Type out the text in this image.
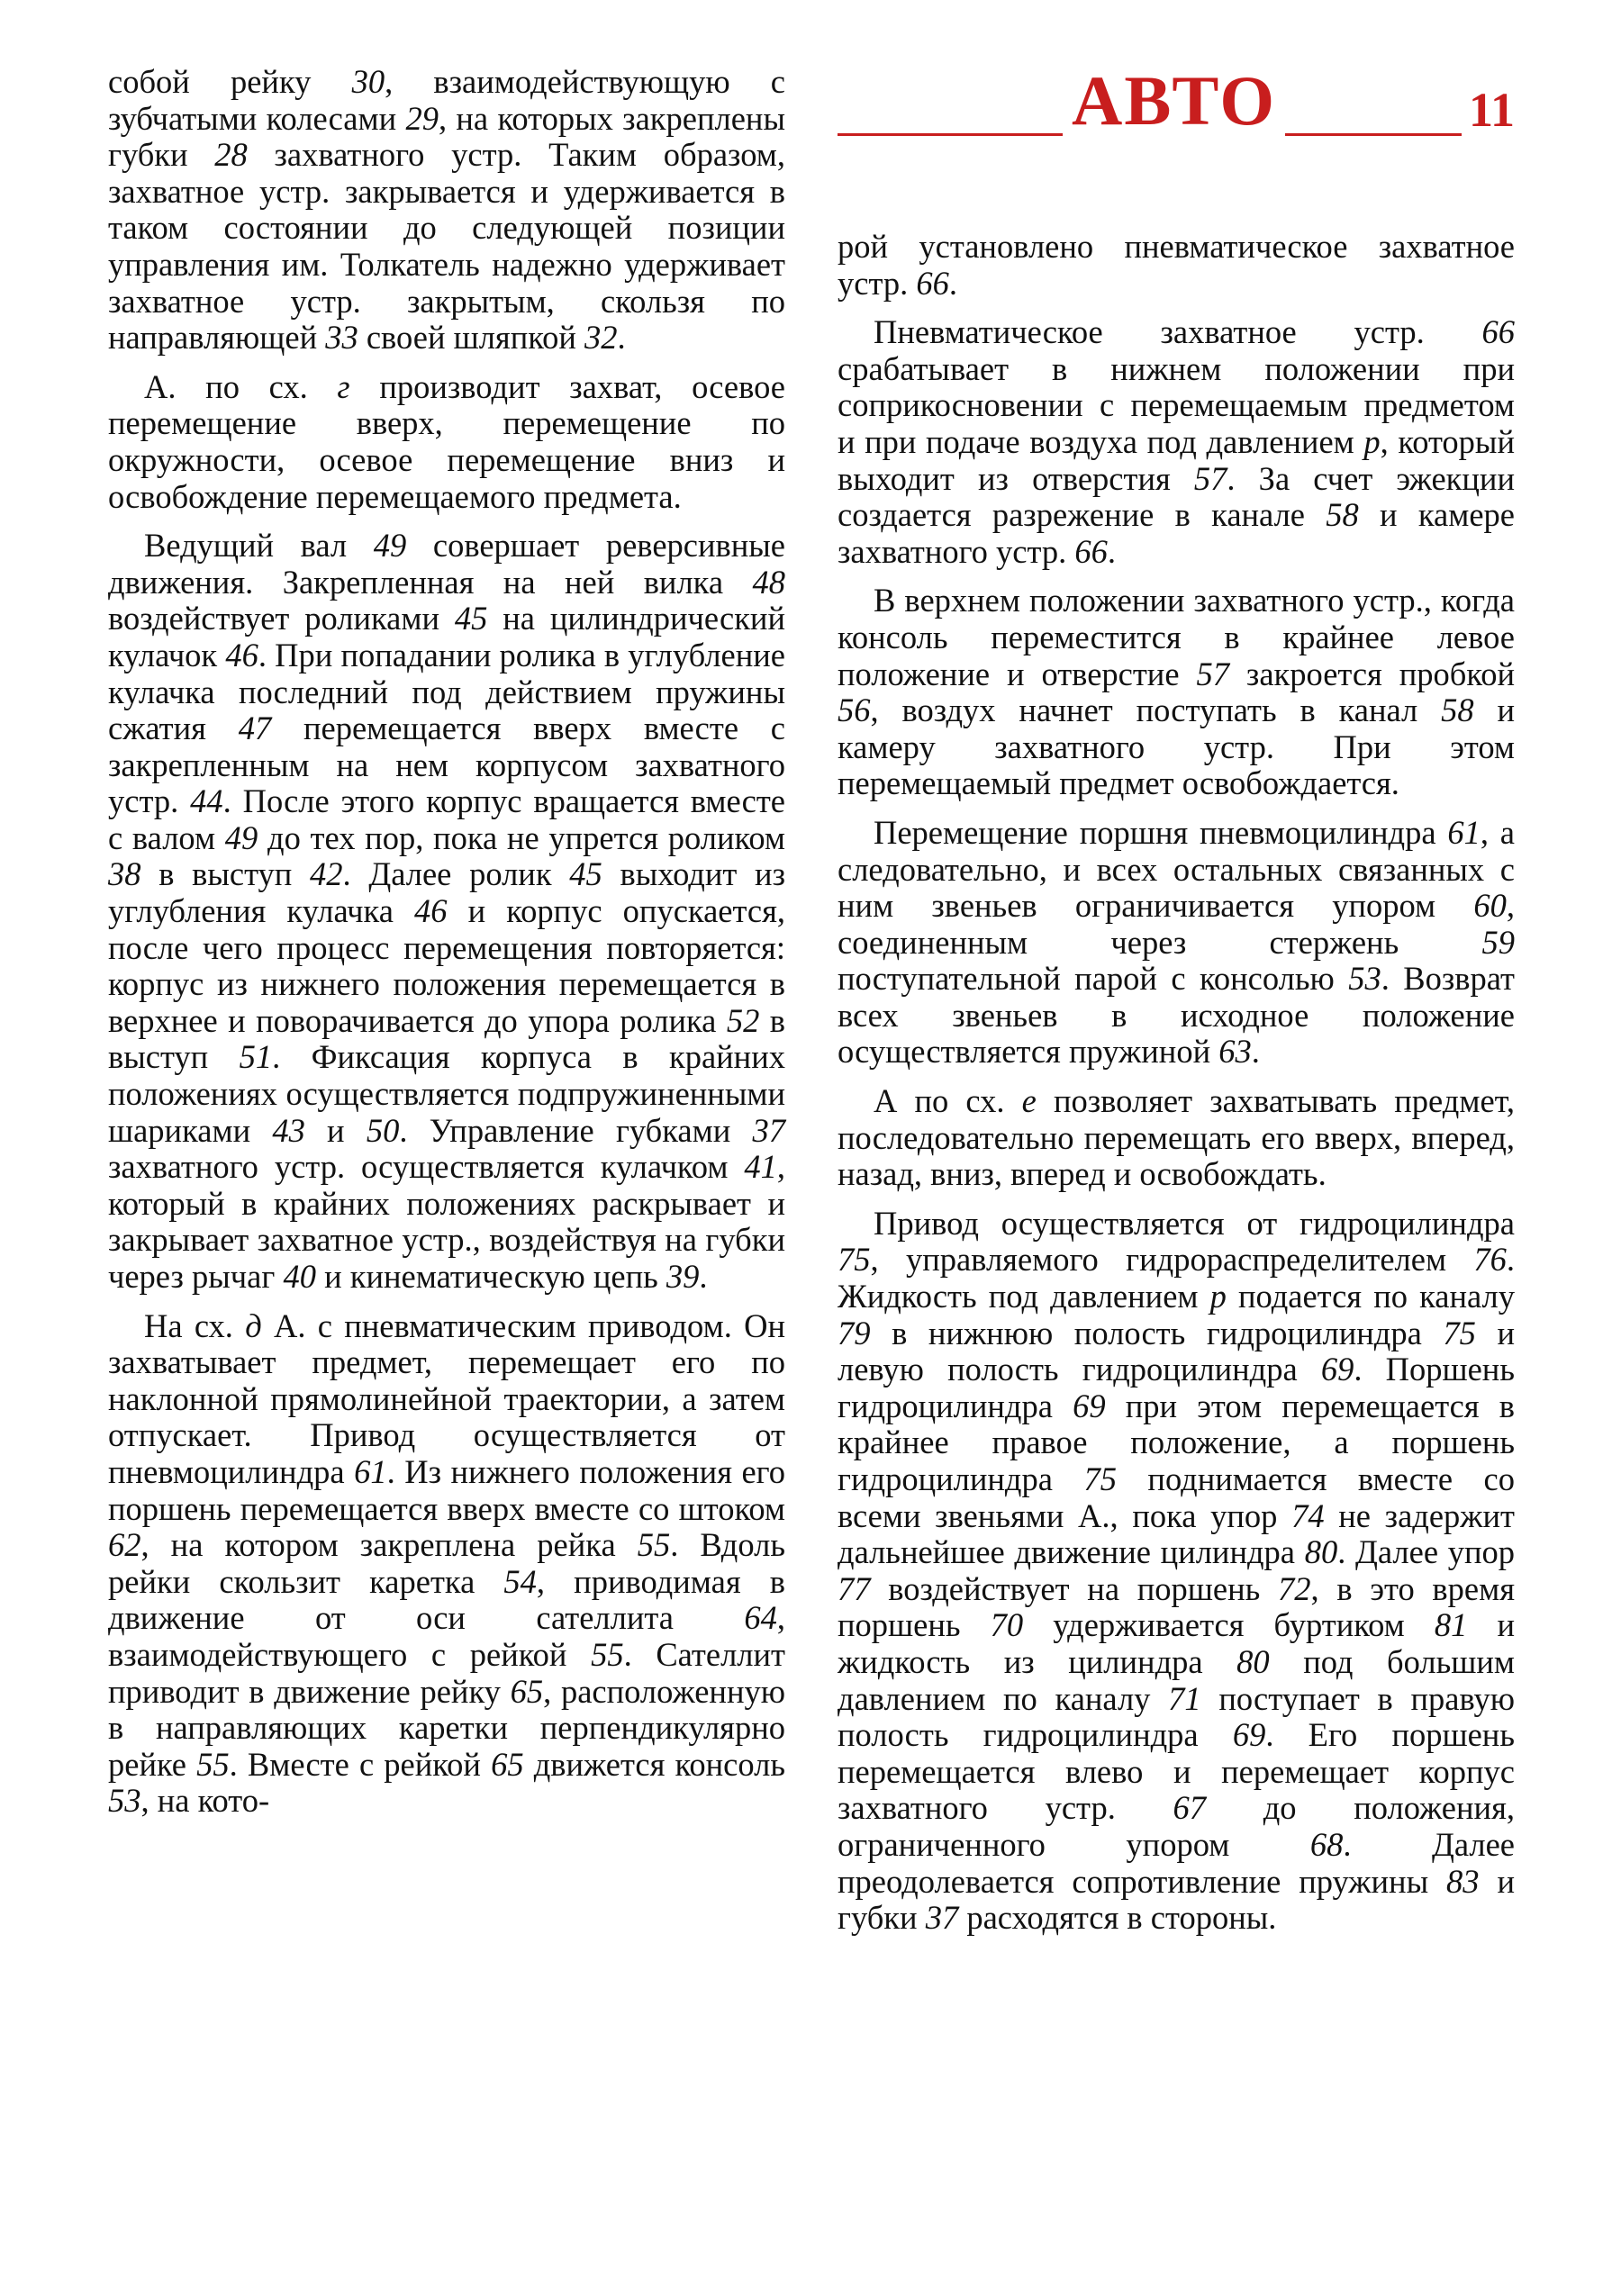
АВТО	11

собой рейку 30, взаимодействующую с зубчатыми колесами 29, на которых закреплены губки 28 захватного устр. Таким образом, захватное устр. закрывается и удерживается в таком состоянии до следующей позиции управления им. Толкатель надежно удерживает захватное устр. закрытым, скользя по направляющей 33 своей шляпкой 32.

А. по сх. г производит захват, осевое перемещение вверх, перемещение по окружности, осевое перемещение вниз и освобождение перемещаемого предмета.

Ведущий вал 49 совершает реверсивные движения. Закрепленная на ней вилка 48 воздействует роликами 45 на цилиндрический кулачок 46. При попадании ролика в углубление кулачка последний под действием пружины сжатия 47 перемещается вверх вместе с закрепленным на нем корпусом захватного устр. 44. После этого корпус вращается вместе с валом 49 до тех пор, пока не упрется роликом 38 в выступ 42. Далее ролик 45 выходит из углубления кулачка 46 и корпус опускается, после чего процесс перемещения повторяется: корпус из нижнего положения перемещается в верхнее и поворачивается до упора ролика 52 в выступ 51. Фиксация корпуса в крайних положениях осуществляется подпружиненными шариками 43 и 50. Управление губками 37 захватного устр. осуществляется кулачком 41, который в крайних положениях раскрывает и закрывает захватное устр., воздействуя на губки через рычаг 40 и кинематическую цепь 39.

На сх. д А. с пневматическим приводом. Он захватывает предмет, перемещает его по наклонной прямолинейной траектории, а затем отпускает. Привод осуществляется от пневмоцилиндра 61. Из нижнего положения его поршень перемещается вверх вместе со штоком 62, на котором закреплена рейка 55. Вдоль рейки скользит каретка 54, приводимая в движение от оси сателлита 64, взаимодействующего с рейкой 55. Сателлит приводит в движение рейку 65, расположенную в направляющих каретки перпендикулярно рейке 55. Вместе с рейкой 65 движется консоль 53, на кото-

рой установлено пневматическое захватное устр. 66.

Пневматическое захватное устр. 66 срабатывает в нижнем положении при соприкосновении с перемещаемым предметом и при подаче воздуха под давлением р, который выходит из отверстия 57. За счет эжекции создается разрежение в канале 58 и камере захватного устр. 66.

В верхнем положении захватного устр., когда консоль переместится в крайнее левое положение и отверстие 57 закроется пробкой 56, воздух начнет поступать в канал 58 и камеру захватного устр. При этом перемещаемый предмет освобождается.

Перемещение поршня пневмоцилиндра 61, а следовательно, и всех остальных связанных с ним звеньев ограничивается упором 60, соединенным через стержень 59 поступательной парой с консолью 53. Возврат всех звеньев в исходное положение осуществляется пружиной 63.

А по сх. е позволяет захватывать предмет, последовательно перемещать его вверх, вперед, назад, вниз, вперед и освобождать.

Привод осуществляется от гидроцилиндра 75, управляемого гидрораспределителем 76. Жидкость под давлением р подается по каналу 79 в нижнюю полость гидроцилиндра 75 и левую полость гидроцилиндра 69. Поршень гидроцилиндра 69 при этом перемещается в крайнее правое положение, а поршень гидроцилиндра 75 поднимается вместе со всеми звеньями А., пока упор 74 не задержит дальнейшее движение цилиндра 80. Далее упор 77 воздействует на поршень 72, в это время поршень 70 удерживается буртиком 81 и жидкость из цилиндра 80 под большим давлением по каналу 71 поступает в правую полость гидроцилиндра 69. Его поршень перемещается влево и перемещает корпус захватного устр. 67 до положения, ограниченного упором 68. Далее преодолевается сопротивление пружины 83 и губки 37 расходятся в стороны.
